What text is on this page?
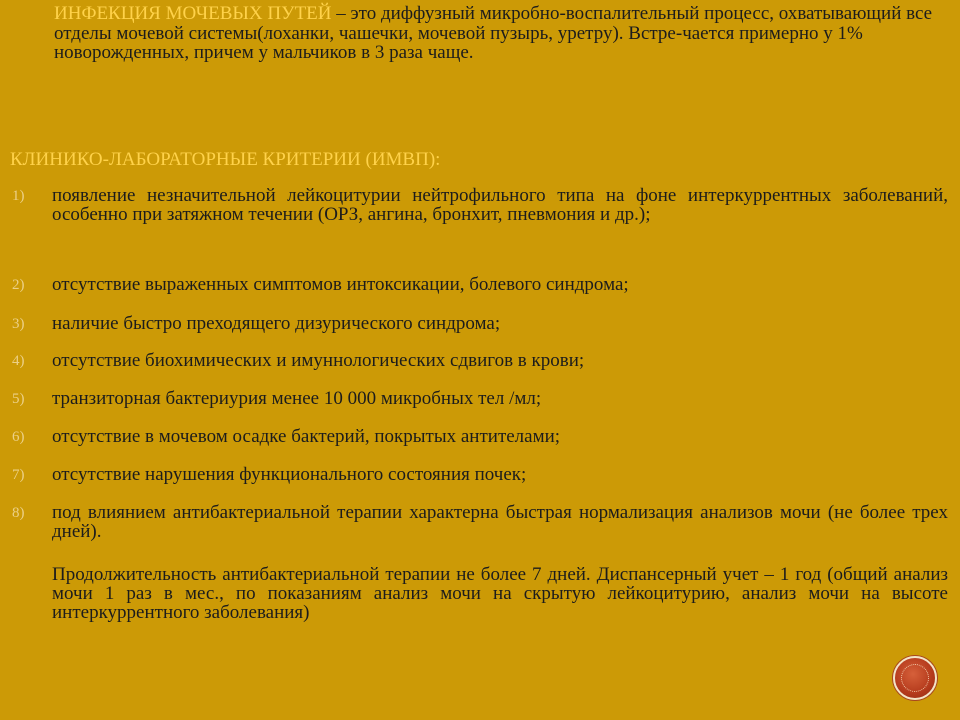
ИНФЕКЦИЯ МОЧЕВЫХ ПУТЕЙ – это диффузный микробно-воспалительный процесс, охватывающий все отделы мочевой системы(лоханки, чашечки, мочевой пузырь, уретру). Встре-чается примерно у 1% новорожденных, причем у мальчиков в 3 раза чаще.
КЛИНИКО-ЛАБОРАТОРНЫЕ КРИТЕРИИ (ИМВП):
1) появление незначительной лейкоцитурии нейтрофильного типа на фоне интеркуррентных заболеваний, особенно при затяжном течении (ОРЗ, ангина, бронхит, пневмония и др.);
2) отсутствие выраженных симптомов интоксикации, болевого синдрома;
3) наличие быстро преходящего дизурического синдрома;
4) отсутствие биохимических и имуннологических сдвигов в крови;
5) транзиторная бактериурия менее 10 000 микробных тел /мл;
6) отсутствие в мочевом осадке бактерий, покрытых антителами;
7) отсутствие нарушения функционального состояния почек;
8) под влиянием антибактериальной терапии характерна быстрая нормализация анализов мочи (не более трех дней).
Продолжительность антибактериальной терапии не более 7 дней. Диспансерный учет – 1 год (общий анализ мочи 1 раз в мес., по показаниям анализ мочи на скрытую лейкоцитурию, анализ мочи на высоте интеркуррентного заболевания)
